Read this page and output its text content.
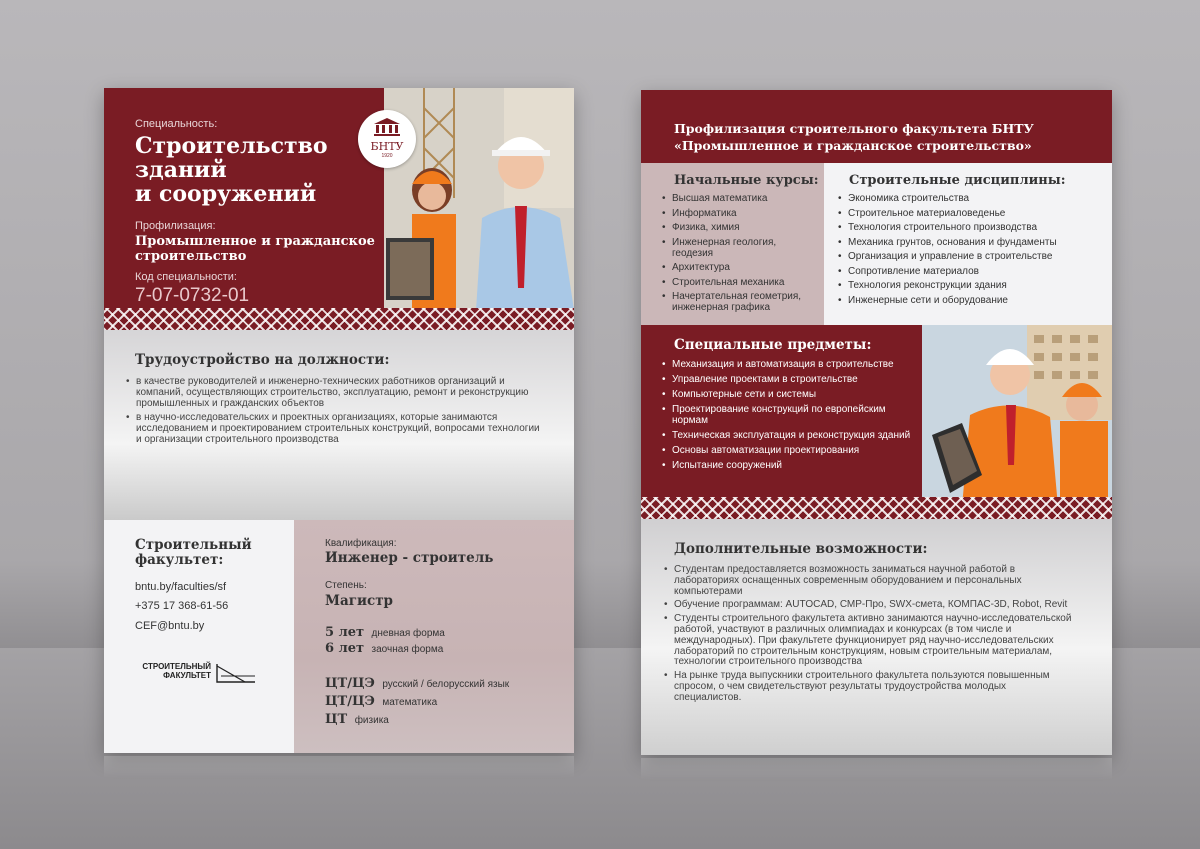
Специальность:
Строительство
зданий
и сооружений
Профилизация:
Промышленное и гражданское
строительство
Код специальности:
7-07-0732-01
БНТУ
1920
Трудоустройство на должности:
• в качестве руководителей и инженерно-технических работников организаций и компаний, осуществляющих строительство, эксплуатацию, ремонт и реконструкцию промышленных и гражданских объектов
• в научно-исследовательских и проектных организациях, которые занимаются исследованием и проектированием строительных конструкций, вопросами технологии и организации строительного производства
Строительный
факультет:
bntu.by/faculties/sf
+375 17 368-61-56
CEF@bntu.by
СТРОИТЕЛЬНЫЙ
ФАКУЛЬТЕТ
Квалификация:
Инженер - строитель
Степень:
Магистр
5 лет дневная форма
6 лет заочная форма
ЦТ/ЦЭ русский / белорусский язык
ЦТ/ЦЭ математика
ЦТ физика
Профилизация строительного факультета БНТУ
«Промышленное и гражданское строительство»
Начальные курсы:
• Высшая математика
• Информатика
• Физика, химия
• Инженерная геология, геодезия
• Архитектура
• Строительная механика
• Начертательная геометрия, инженерная графика
Строительные дисциплины:
• Экономика строительства
• Строительное материаловеденье
• Технология строительного производства
• Механика грунтов, основания и фундаменты
• Организация и управление в строительстве
• Сопротивление материалов
• Технология реконструкции здания
• Инженерные сети и оборудование
Специальные предметы:
• Механизация и автоматизация в строительстве
• Управление проектами в строительстве
• Компьютерные сети и системы
• Проектирование конструкций по европейским нормам
• Техническая эксплуатация и реконструкция зданий
• Основы автоматизации проектирования
• Испытание сооружений
Дополнительные возможности:
• Студентам предоставляется возможность заниматься научной работой в лабораториях оснащенных современным оборудованием и персональных компьютерами
• Обучение программам: AUTOCAD, СМР-Про, SWX-смета, КОМПАС-3D, Robot, Revit
• Студенты строительного факультета активно занимаются научно-исследовательской работой, участвуют в различных олимпиадах и конкурсах (в том числе и международных). При факультете функционирует ряд научно-исследовательских лабораторий по строительным конструкциям, новым строительным материалам, технологии строительного производства
• На рынке труда выпускники строительного факультета пользуются повышенным спросом, о чем свидетельствуют результаты трудоустройства молодых специалистов.
